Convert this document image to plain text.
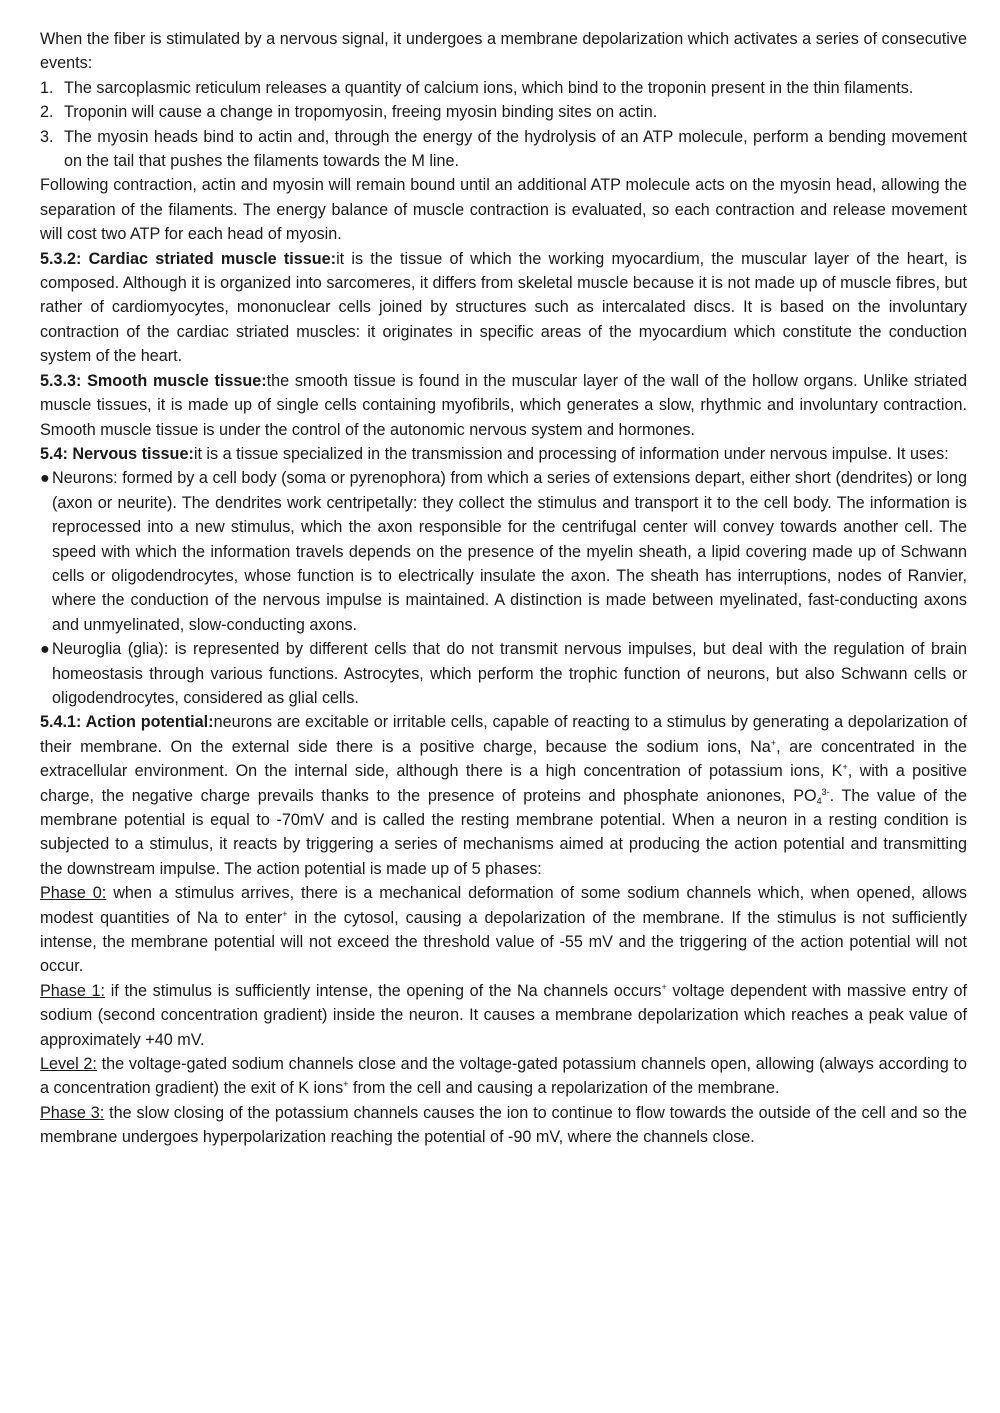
When the fiber is stimulated by a nervous signal, it undergoes a membrane depolarization which activates a series of consecutive events:

1. The sarcoplasmic reticulum releases a quantity of calcium ions, which bind to the troponin present in the thin filaments.
2. Troponin will cause a change in tropomyosin, freeing myosin binding sites on actin.
3. The myosin heads bind to actin and, through the energy of the hydrolysis of an ATP molecule, perform a bending movement on the tail that pushes the filaments towards the M line.

Following contraction, actin and myosin will remain bound until an additional ATP molecule acts on the myosin head, allowing the separation of the filaments. The energy balance of muscle contraction is evaluated, so each contraction and release movement will cost two ATP for each head of myosin.

5.3.2: Cardiac striated muscle tissue:it is the tissue of which the working myocardium, the muscular layer of the heart, is composed. Although it is organized into sarcomeres, it differs from skeletal muscle because it is not made up of muscle fibres, but rather of cardiomyocytes, mononuclear cells joined by structures such as intercalated discs. It is based on the involuntary contraction of the cardiac striated muscles: it originates in specific areas of the myocardium which constitute the conduction system of the heart.

5.3.3: Smooth muscle tissue:the smooth tissue is found in the muscular layer of the wall of the hollow organs. Unlike striated muscle tissues, it is made up of single cells containing myofibrils, which generates a slow, rhythmic and involuntary contraction. Smooth muscle tissue is under the control of the autonomic nervous system and hormones.

5.4: Nervous tissue:it is a tissue specialized in the transmission and processing of information under nervous impulse. It uses:

● Neurons: formed by a cell body (soma or pyrenophora) from which a series of extensions depart, either short (dendrites) or long (axon or neurite). The dendrites work centripetally: they collect the stimulus and transport it to the cell body. The information is reprocessed into a new stimulus, which the axon responsible for the centrifugal center will convey towards another cell. The speed with which the information travels depends on the presence of the myelin sheath, a lipid covering made up of Schwann cells or oligodendrocytes, whose function is to electrically insulate the axon. The sheath has interruptions, nodes of Ranvier, where the conduction of the nervous impulse is maintained. A distinction is made between myelinated, fast-conducting axons and unmyelinated, slow-conducting axons.
● Neuroglia (glia): is represented by different cells that do not transmit nervous impulses, but deal with the regulation of brain homeostasis through various functions. Astrocytes, which perform the trophic function of neurons, but also Schwann cells or oligodendrocytes, considered as glial cells.

5.4.1: Action potential:neurons are excitable or irritable cells, capable of reacting to a stimulus by generating a depolarization of their membrane. On the external side there is a positive charge, because the sodium ions, Na+, are concentrated in the extracellular environment. On the internal side, although there is a high concentration of potassium ions, K+, with a positive charge, the negative charge prevails thanks to the presence of proteins and phosphate anionones, $PO_4^{3-}$. The value of the membrane potential is equal to -70mV and is called the resting membrane potential. When a neuron in a resting condition is subjected to a stimulus, it reacts by triggering a series of mechanisms aimed at producing the action potential and transmitting the downstream impulse. The action potential is made up of 5 phases:

Phase 0: when a stimulus arrives, there is a mechanical deformation of some sodium channels which, when opened, allows modest quantities of Na to enter+ in the cytosol, causing a depolarization of the membrane. If the stimulus is not sufficiently intense, the membrane potential will not exceed the threshold value of -55 mV and the triggering of the action potential will not occur.

Phase 1: if the stimulus is sufficiently intense, the opening of the Na channels occurs+ voltage dependent with massive entry of sodium (second concentration gradient) inside the neuron. It causes a membrane depolarization which reaches a peak value of approximately +40 mV.

Level 2: the voltage-gated sodium channels close and the voltage-gated potassium channels open, allowing (always according to a concentration gradient) the exit of K ions+ from the cell and causing a repolarization of the membrane.

Phase 3: the slow closing of the potassium channels causes the ion to continue to flow towards the outside of the cell and so the membrane undergoes hyperpolarization reaching the potential of -90 mV, where the channels close.
